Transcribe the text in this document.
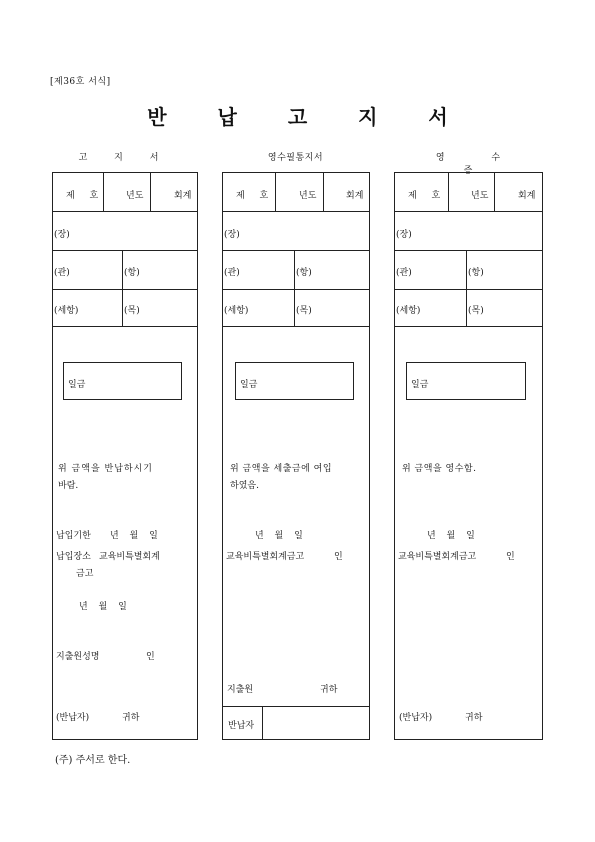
[제36호 서식]
반 납 고 지 서
고 지 서
제 호 년도	회계
(장)
(관)	(항)
(세항)	(목)
일금
위 금액을 반납하시기
바람.
납입기한 년 월 일
납입장소 교육비특별회계
금고
년 월 일
지출원성명	인
(반납자)	귀하
영수필통지서
제 호	년도	회계
(장)
(관)	(항)
(세항)	(목)
일금
위 금액을 세출금에 여입
하였음.
년 월 일
교육비특별회계금고	인
지출원	귀하
반납자
영 수 증
제 호	년도	회계
(장)
(관)	(항)
(세항)	(목)
일금
위 금액을 영수함.
년 월 일
교육비특별회계금고	인
(반납자)	귀하
(주) 주서로 한다.
